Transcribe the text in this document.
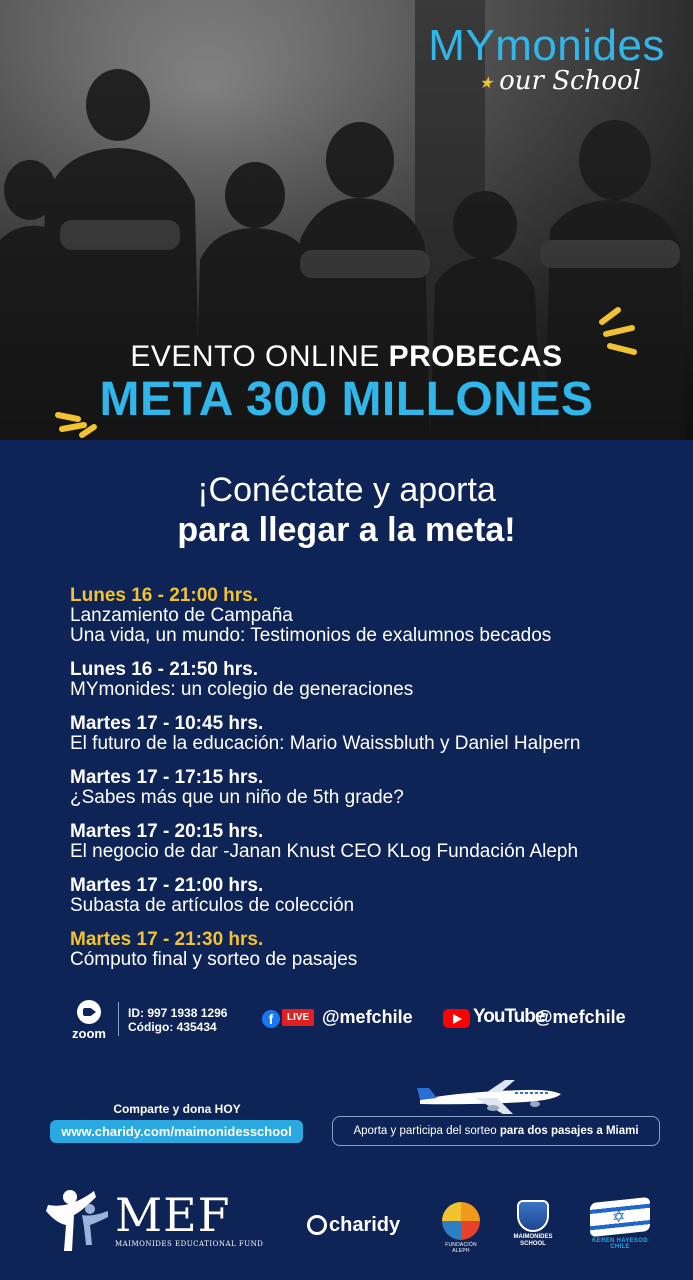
MYmonides
★ our School
EVENTO ONLINE PROBECAS
META 300 MILLONES
¡Conéctate y aporta
para llegar a la meta!
Lunes 16 - 21:00 hrs.
Lanzamiento de Campaña
Una vida, un mundo: Testimonios de exalumnos becados
Lunes 16 - 21:50 hrs.
MYmonides: un colegio de generaciones
Martes 17 - 10:45 hrs.
El futuro de la educación: Mario Waissbluth y Daniel Halpern
Martes 17 - 17:15 hrs.
¿Sabes más que un niño de 5th grade?
Martes 17 - 20:15 hrs.
El negocio de dar -Janan Knust CEO KLog Fundación Aleph
Martes 17 - 21:00 hrs.
Subasta de artículos de colección
Martes 17 - 21:30 hrs.
Cómputo final y sorteo de pasajes
zoom
ID: 997 1938 1296
Código: 435434	f	LIVE @mefchile	YouTube
@mefchile
Comparte y dona HOY
www.charidy.com/maimonidesschool	Aporta y participa del sorteo para dos pasajes a Miami
MEF
MAIMONIDES EDUCATIONAL FUND
charidy
FUNDACIÓN ALEPH
MAIMONIDES SCHOOL
✡	KEREN HAYESOD CHILE
